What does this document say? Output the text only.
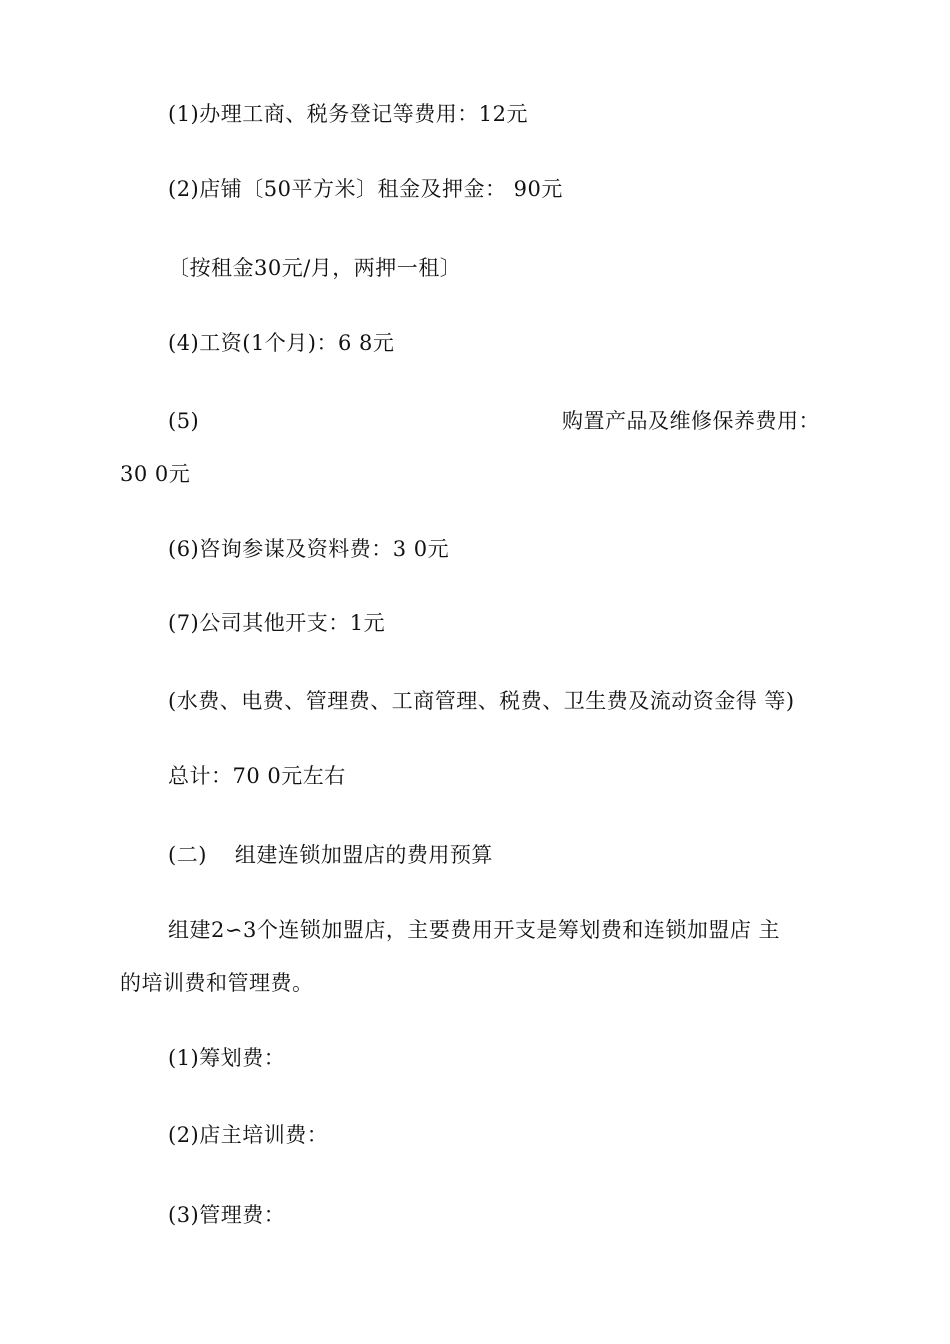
(1)办理工商、税务登记等费用：12元
(2)店铺〔50平方米〕租金及押金： 90元
〔按租金30元/月，两押一租〕
(4)工资(1个月)：6 8元
(5)	购置产品及维修保养费用：
30 0元
(6)咨询参谋及资料费：3 0元
(7)公司其他开支：1元
(水费、电费、管理费、工商管理、税费、卫生费及流动资金得 等)
总计：70 0元左右
(二) 组建连锁加盟店的费用预算
组建2∽3个连锁加盟店，主要费用开支是筹划费和连锁加盟店 主
的培训费和管理费。
(1)筹划费：
(2)店主培训费：
(3)管理费：
